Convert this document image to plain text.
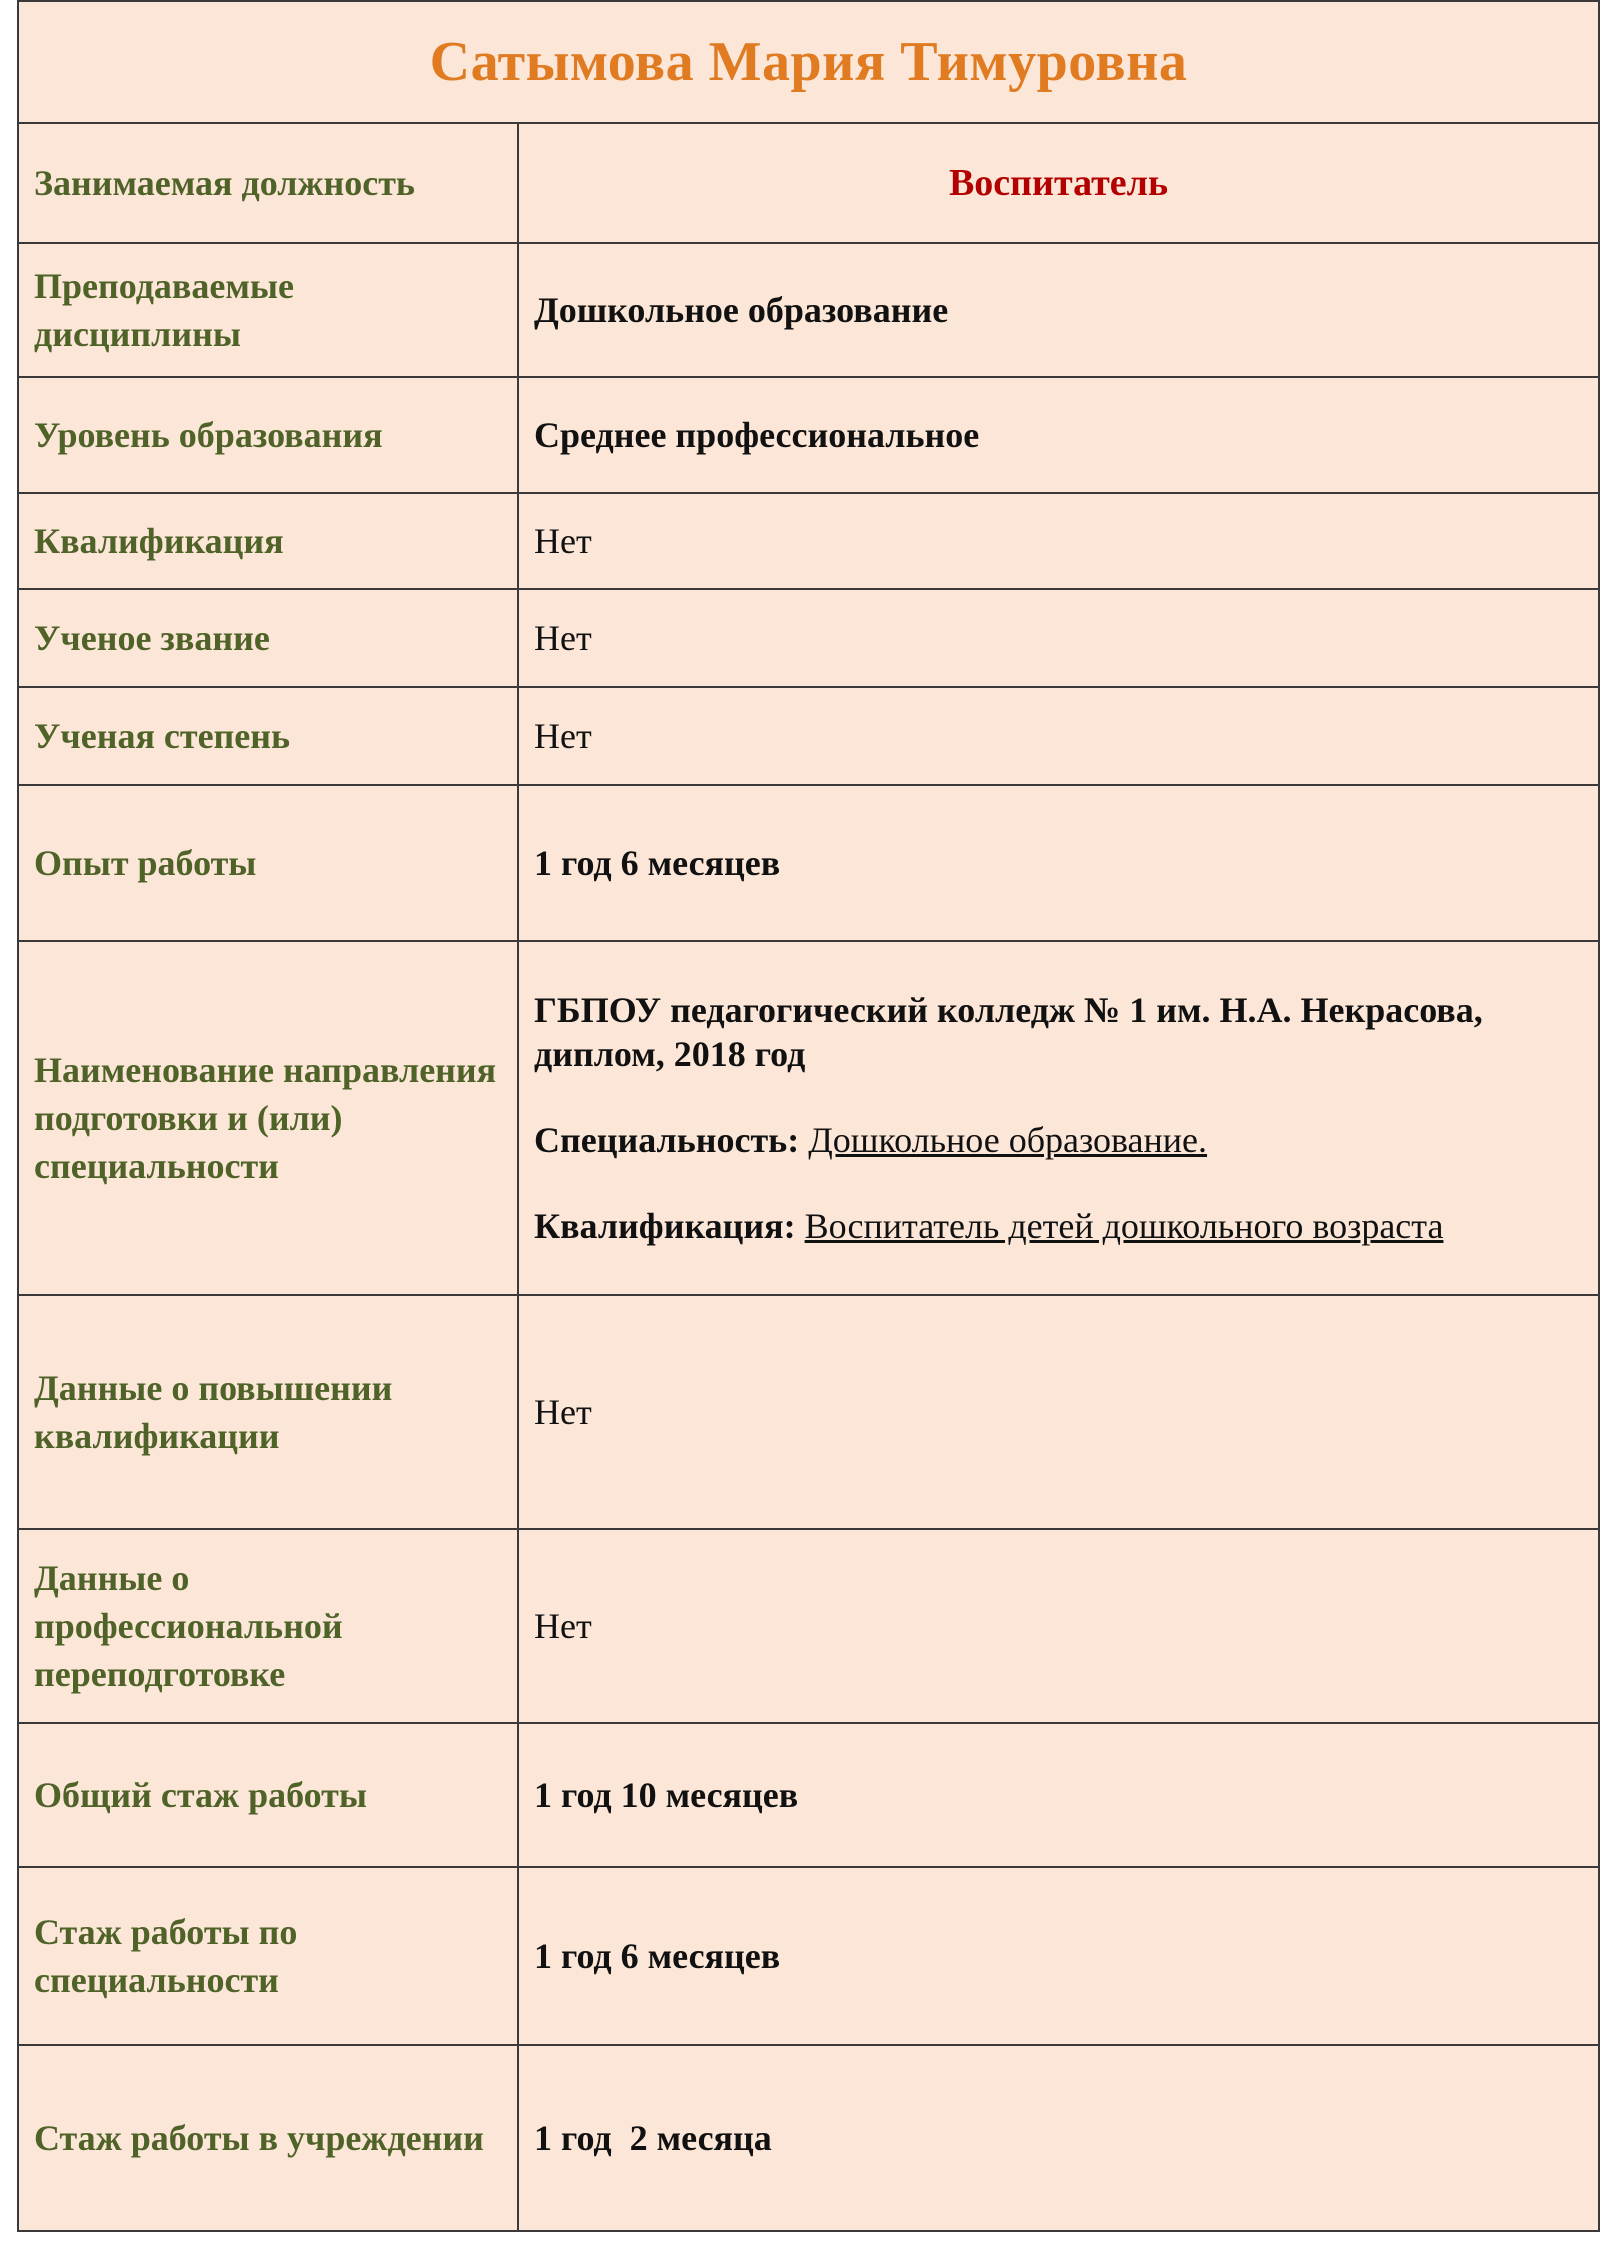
Сатымова Мария Тимуровна	
Занимаемая должность	Воспитатель
Преподаваемые дисциплины	Дошкольное образование
Уровень образования	Среднее профессиональное
Квалификация	Нет
Ученое звание	Нет
Ученая степень	Нет
Опыт работы	1 год 6 месяцев
Наименование направления подготовки и (или) специальности	ГБПОУ педагогический колледж № 1 им. Н.А. Некрасова, диплом, 2018 год

Специальность: Дошкольное образование.

Квалификация: Воспитатель детей дошкольного возраста

Данные о повышении квалификации	Нет
Данные о профессиональной переподготовке	Нет
Общий стаж работы	1 год 10 месяцев
Стаж работы по специальности	1 год 6 месяцев
Стаж работы в учреждении	1 год  2 месяца
